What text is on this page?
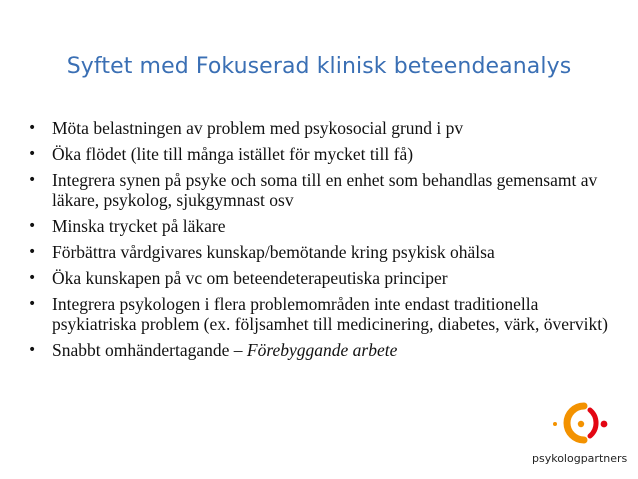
Syftet med Fokuserad klinisk beteendeanalys
• Möta belastningen av problem med psykosocial grund i pv
• Öka flödet (lite till många istället för mycket till få)
• Integrera synen på psyke och soma till en enhet som behandlas gemensamt av läkare, psykolog, sjukgymnast osv
• Minska trycket på läkare
• Förbättra vårdgivares kunskap/bemötande kring psykisk ohälsa
• Öka kunskapen på vc om beteendeterapeutiska principer
• Integrera psykologen i flera problemområden inte endast traditionella psykiatriska problem (ex. följsamhet till medicinering, diabetes, värk, övervikt)
• Snabbt omhändertagande – Förebyggande arbete
psykologpartners
